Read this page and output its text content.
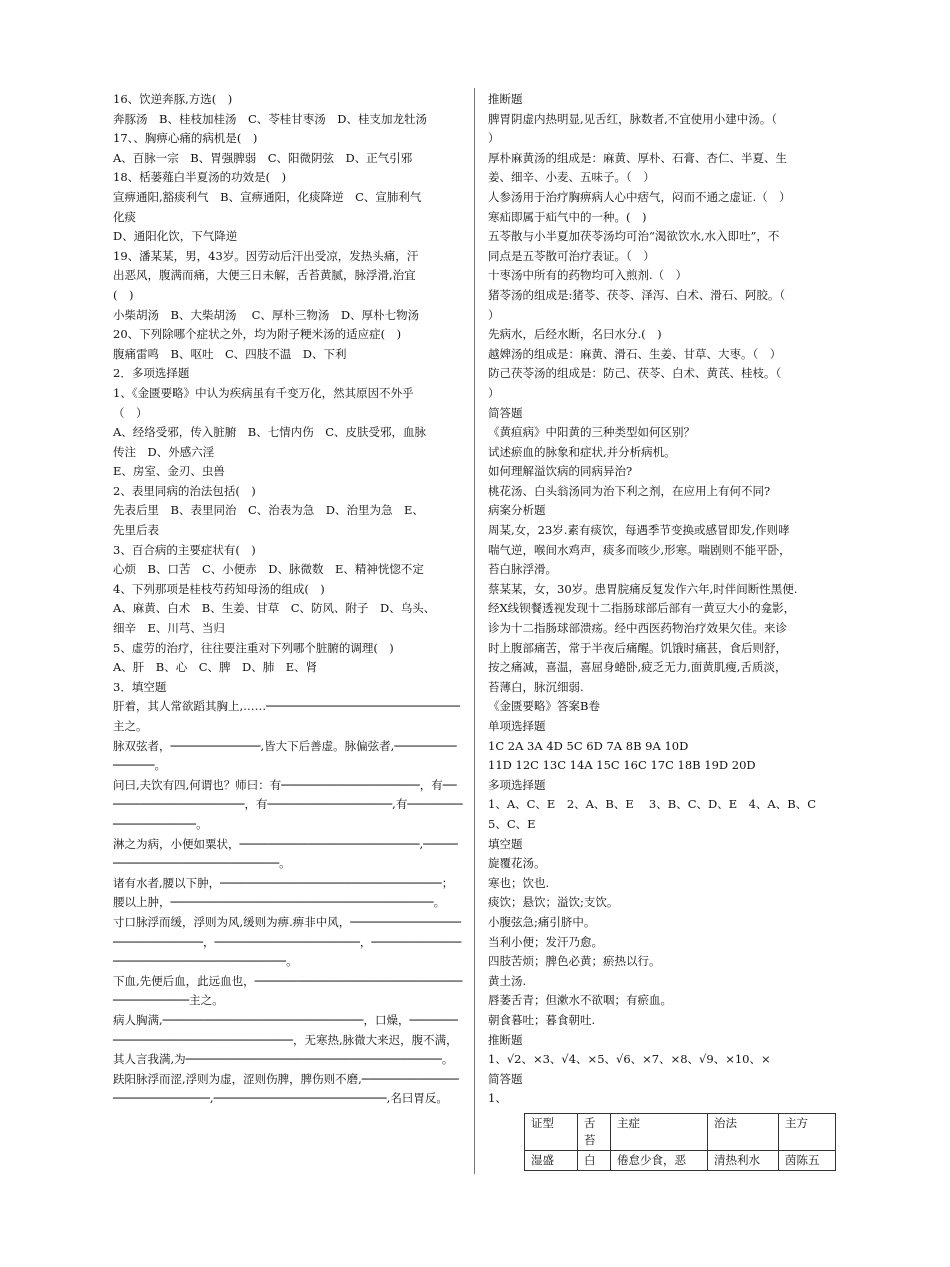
16、饮逆奔豚,方选(　)
奔豚汤　B、桂枝加桂汤　C、苓桂甘枣汤　D、桂支加龙牡汤
17、、胸痹心痛的病机是(　)
A、百脉一宗　B、胃强脾弱　C、阳微阴弦　D、正气引邪
18、栝蒌薤白半夏汤的功效是(　)
宣痹通阳,豁痰利气　B、宣痹通阳，化痰降逆　C、宣肺利气
化痰
D、通阳化饮，下气降逆
19、潘某某，男，43岁。因劳动后汗出受凉，发热头痛，汗
出恶风，腹满而痛，大便三日未解，舌苔黄腻，脉浮滑,治宜
(　)
小柴胡汤　B、大柴胡汤　 C、厚朴三物汤　D、厚朴七物汤
20、下列除哪个症状之外，均为附子粳米汤的适应症(　)
腹痛雷鸣　B、呕吐　C、四肢不温　D、下利
2．多项选择题
1、《金匮要略》中认为疾病虽有千变万化，然其原因不外乎
（　）
A、经络受邪，传入脏腑　B、七情内伤　C、皮肤受邪，血脉
传注　D、外感六淫
E、房室、金刃、虫兽
2、表里同病的治法包括(　)
先表后里　B、表里同治　C、治表为急　D、治里为急　E、
先里后表
3、百合病的主要症状有(　)
心烦　B、口苦　C、小便赤　D、脉微数　E、精神恍惚不定
4、下列那项是桂枝芍药知母汤的组成(　)
A、麻黄、白术　B、生姜、甘草　C、防风、附子　D、乌头、
细辛　E、川芎、当归
5、虚劳的治疗，往往要注重对下列哪个脏腑的调理(　)
A、肝　B、心　C、脾　D、肺　E、肾
3．填空题
肝着，其人常欲蹈其胸上,……────────────────────────────主之。
脉双弦者，─────────────,皆大下后善虚。脉偏弦者,───────────────。
问曰,夫饮有四,何谓也？师曰：有────────────────────，有─────────────────────，有──────────────────,有────────────────────。
淋之为病，小便如粟状，──────────────────────────,─────────────────────────────。
诸有水者,腰以下肿，────────────────────────────────；腰以上肿，──────────────────────────────────────。
寸口脉浮而缓，浮则为风,缓则为痹.痹非中风，─────────────────────────────，─────────────────────，──────────────────────────────────────。
下血,先便后血，此远血也，─────────────────────────────────────────主之。
病人胸满,─────────────────────────────，口燥，─────────────────────────────────，无寒热,脉微大来迟，腹不满，其人言我满,为─────────────────────────────────────。
趺阳脉浮而涩,浮则为虚，涩则伤脾，脾伤则不磨,────────────────────────────,─────────────────────────,名曰胃反。
推断题
脾胃阴虚内热明显,见舌红，脉数者,不宜使用小建中汤。（
）
厚朴麻黄汤的组成是：麻黄、厚朴、石膏、杏仁、半夏、生
姜、细辛、小麦、五味子。（　）
人参汤用于治疗胸痹病人心中痞气，闷而不通之虚证.（　）
寒疝即属于疝气中的一种。(　)
五苓散与小半夏加茯苓汤均可治“渴欲饮水,水入即吐”，不
同点是五苓散可治疗表证。（　）
十枣汤中所有的药物均可入煎剂.（　）
猪苓汤的组成是:猪苓、茯苓、泽泻、白术、滑石、阿胶。（
）
先病水，后经水断，名曰水分.(　)
越婢汤的组成是：麻黄、滑石、生姜、甘草、大枣。（　）
防己茯苓汤的组成是：防己、茯苓、白术、黄芪、桂枝。（
）
简答题
《黄疸病》中阳黄的三种类型如何区别？
试述瘀血的脉象和症状,并分析病机。
如何理解溢饮病的同病异治?
桃花汤、白头翁汤同为治下利之剂，在应用上有何不同?
病案分析题
周某,女，23岁.素有痰饮，每遇季节变换或感冒即发,作则哮
喘气逆，喉间水鸡声，痰多而咳少,形寒。喘剧则不能平卧，
苔白脉浮滑。
蔡某某，女，30岁。患胃脘痛反复发作六年,时伴间断性黑便.
经X线钡餐透视发现十二指肠球部后部有一黄豆大小的龛影，
诊为十二指肠球部溃疡。经中西医药物治疗效果欠佳。来诊
时上腹部痛苦，常于半夜后痛醒。饥饿时痛甚，食后则舒，
按之痛减，喜温，喜屈身蜷卧,疲乏无力,面黄肌瘦,舌质淡，
苔薄白，脉沉细弱.
《金匮要略》答案B卷
单项选择题
1C 2A 3A 4D 5C 6D 7A 8B 9A 10D
11D 12C 13C 14A 15C 16C 17C 18B 19D 20D
多项选择题
1、A、C、E　2、A、B、E　 3、B、C、D、E　4、A、B、C
5、C、E
填空题
旋覆花汤。
寒也；饮也.
痰饮；悬饮；溢饮;支饮。
小腹弦急;痛引脐中。
当利小便；发汗乃愈。
四肢苦烦；脾色必黄；瘀热以行。
黄土汤.
唇萎舌青；但漱水不欲咽；有瘀血。
朝食暮吐；暮食朝吐.
推断题
1、√2、×3、√4、×5、√6、×7、×8、√9、×10、×
简答题
1、
证型	舌苔	主症	治法	主方
湿盛	白	倦怠少食，恶	清热利水	茵陈五
